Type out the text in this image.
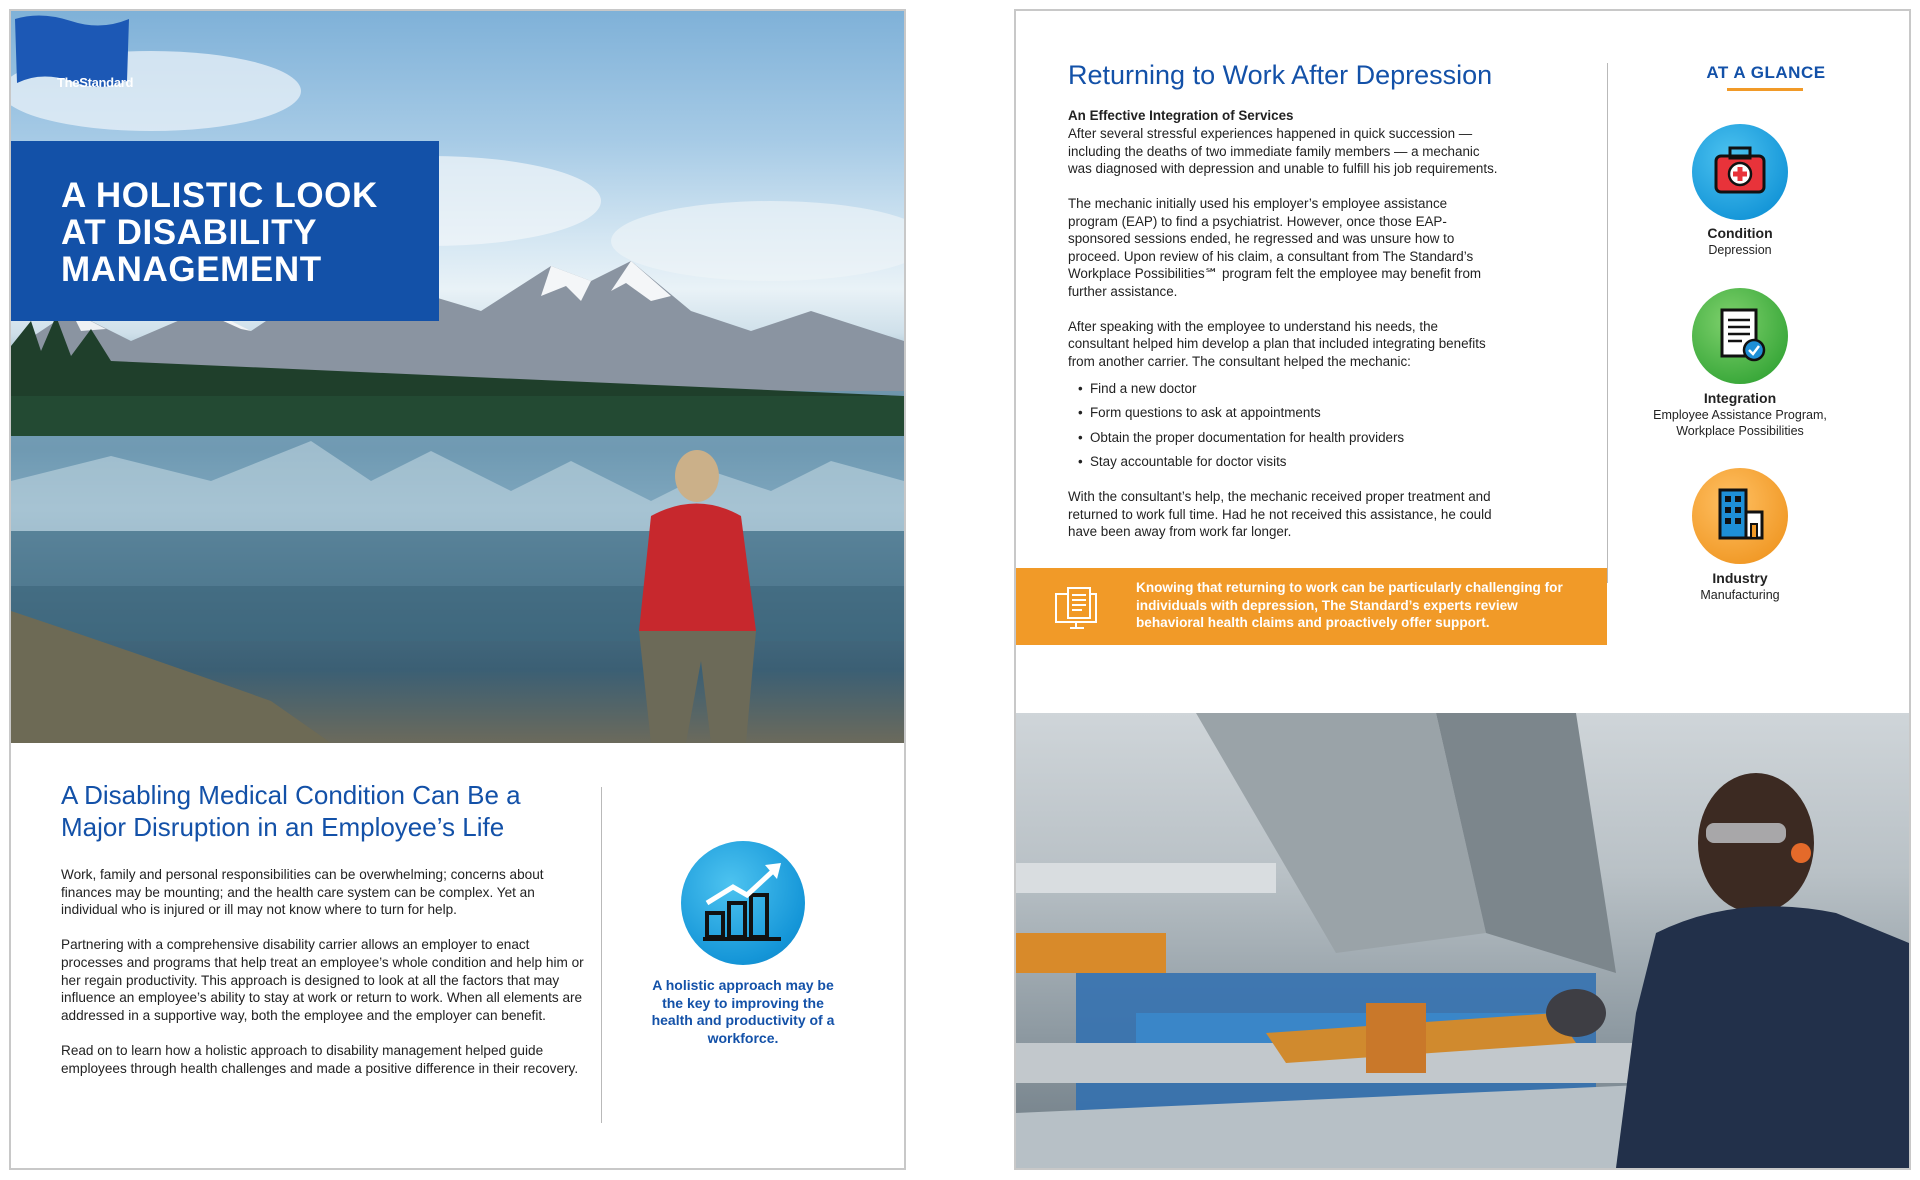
TheStandard
A HOLISTIC LOOK AT DISABILITY MANAGEMENT
A Disabling Medical Condition Can Be a Major Disruption in an Employee’s Life

Work, family and personal responsibilities can be overwhelming; concerns about finances may be mounting; and the health care system can be complex. Yet an individual who is injured or ill may not know where to turn for help.

Partnering with a comprehensive disability carrier allows an employer to enact processes and programs that help treat an employee’s whole condition and help him or her regain productivity. This approach is designed to look at all the factors that may influence an employee’s ability to stay at work or return to work. When all elements are addressed in a supportive way, both the employee and the employer can benefit.

Read on to learn how a holistic approach to disability management helped guide employees through health challenges and made a positive difference in their recovery.

A holistic approach may be the key to improving the health and productivity of a workforce.
Returning to Work After Depression
An Effective Integration of Services

After several stressful experiences happened in quick succession — including the deaths of two immediate family members — a mechanic was diagnosed with depression and unable to fulfill his job requirements.

The mechanic initially used his employer’s employee assistance program (EAP) to find a psychiatrist. However, once those EAP-sponsored sessions ended, he regressed and was unsure how to proceed. Upon review of his claim, a consultant from The Standard’s Workplace Possibilities℠ program felt the employee may benefit from further assistance.

After speaking with the employee to understand his needs, the consultant helped him develop a plan that included integrating benefits from another carrier. The consultant helped the mechanic:

• Find a new doctor
• Form questions to ask at appointments
• Obtain the proper documentation for health providers
• Stay accountable for doctor visits

With the consultant’s help, the mechanic received proper treatment and returned to work full time. Had he not received this assistance, he could have been away from work far longer.

Knowing that returning to work can be particularly challenging for individuals with depression, The Standard’s experts review behavioral health claims and proactively offer support.
AT A GLANCE
Condition
Depression
Integration
Employee Assistance Program, Workplace Possibilities
Industry
Manufacturing
